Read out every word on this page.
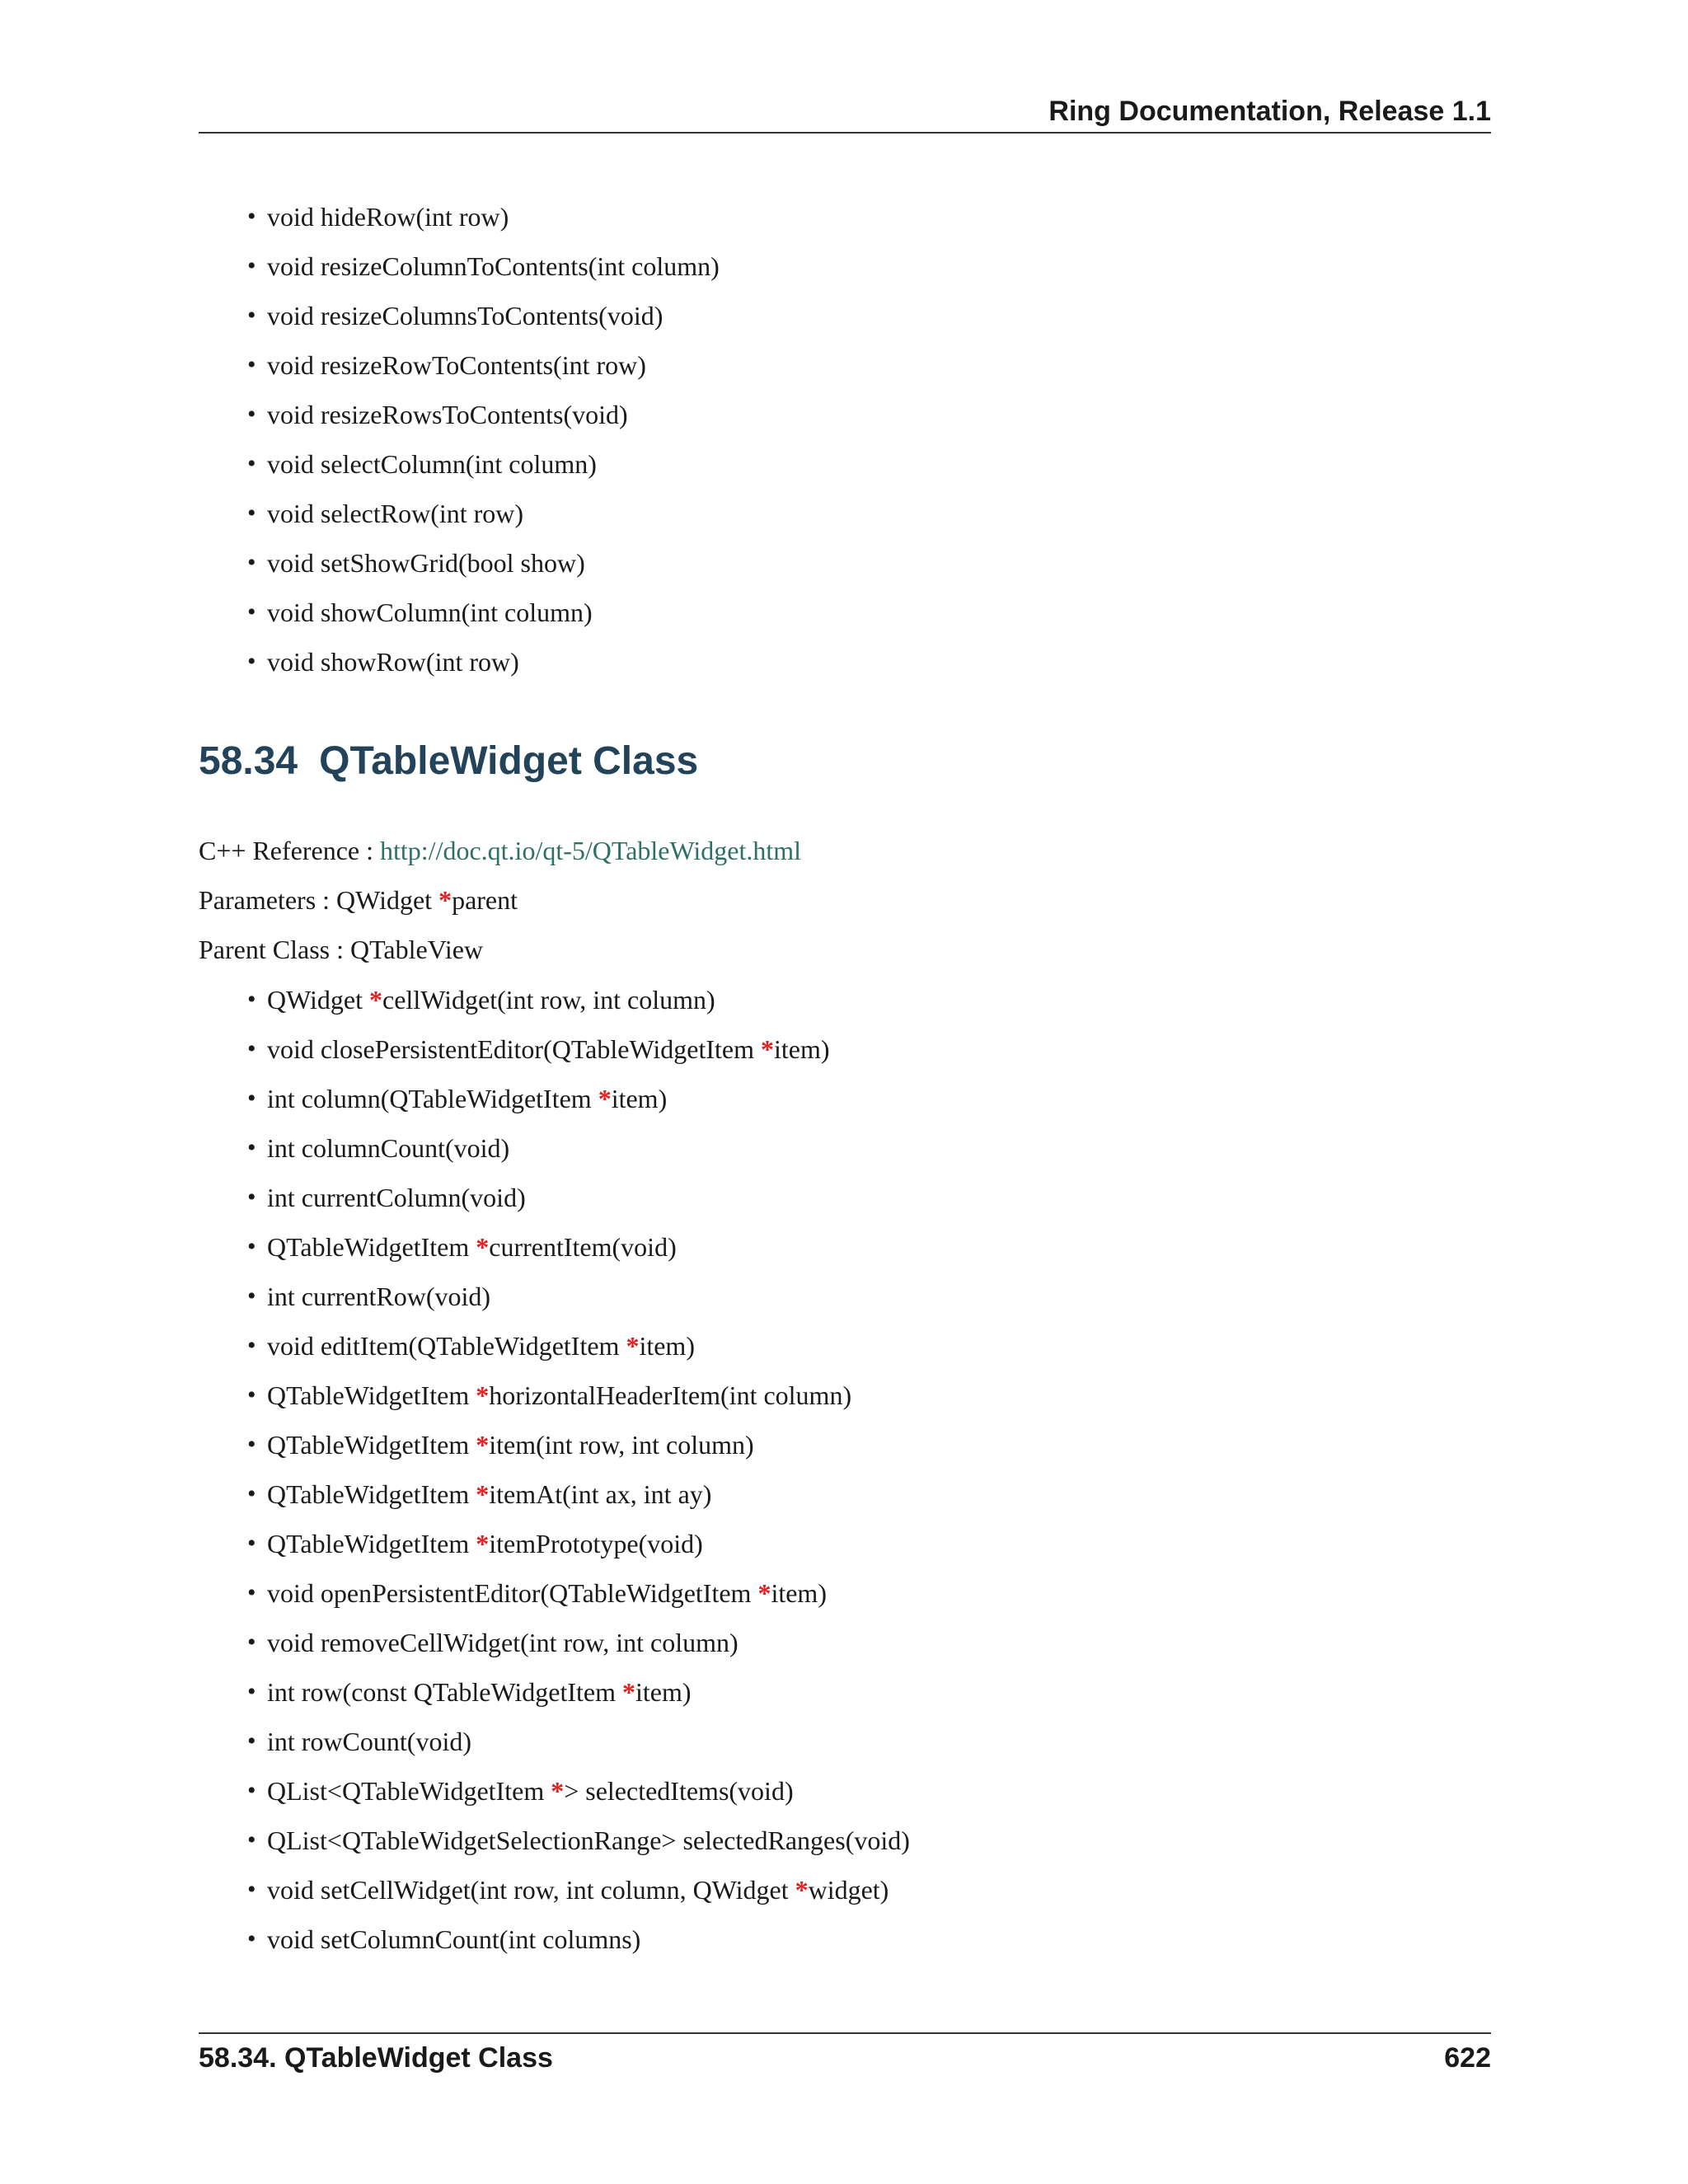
Ring Documentation, Release 1.1
• void hideRow(int row)
• void resizeColumnToContents(int column)
• void resizeColumnsToContents(void)
• void resizeRowToContents(int row)
• void resizeRowsToContents(void)
• void selectColumn(int column)
• void selectRow(int row)
• void setShowGrid(bool show)
• void showColumn(int column)
• void showRow(int row)
58.34 QTableWidget Class
C++ Reference : http://doc.qt.io/qt-5/QTableWidget.html
Parameters : QWidget *parent
Parent Class : QTableView
• QWidget *cellWidget(int row, int column)
• void closePersistentEditor(QTableWidgetItem *item)
• int column(QTableWidgetItem *item)
• int columnCount(void)
• int currentColumn(void)
• QTableWidgetItem *currentItem(void)
• int currentRow(void)
• void editItem(QTableWidgetItem *item)
• QTableWidgetItem *horizontalHeaderItem(int column)
• QTableWidgetItem *item(int row, int column)
• QTableWidgetItem *itemAt(int ax, int ay)
• QTableWidgetItem *itemPrototype(void)
• void openPersistentEditor(QTableWidgetItem *item)
• void removeCellWidget(int row, int column)
• int row(const QTableWidgetItem *item)
• int rowCount(void)
• QList<QTableWidgetItem *> selectedItems(void)
• QList<QTableWidgetSelectionRange> selectedRanges(void)
• void setCellWidget(int row, int column, QWidget *widget)
• void setColumnCount(int columns)
58.34. QTableWidget Class	622
